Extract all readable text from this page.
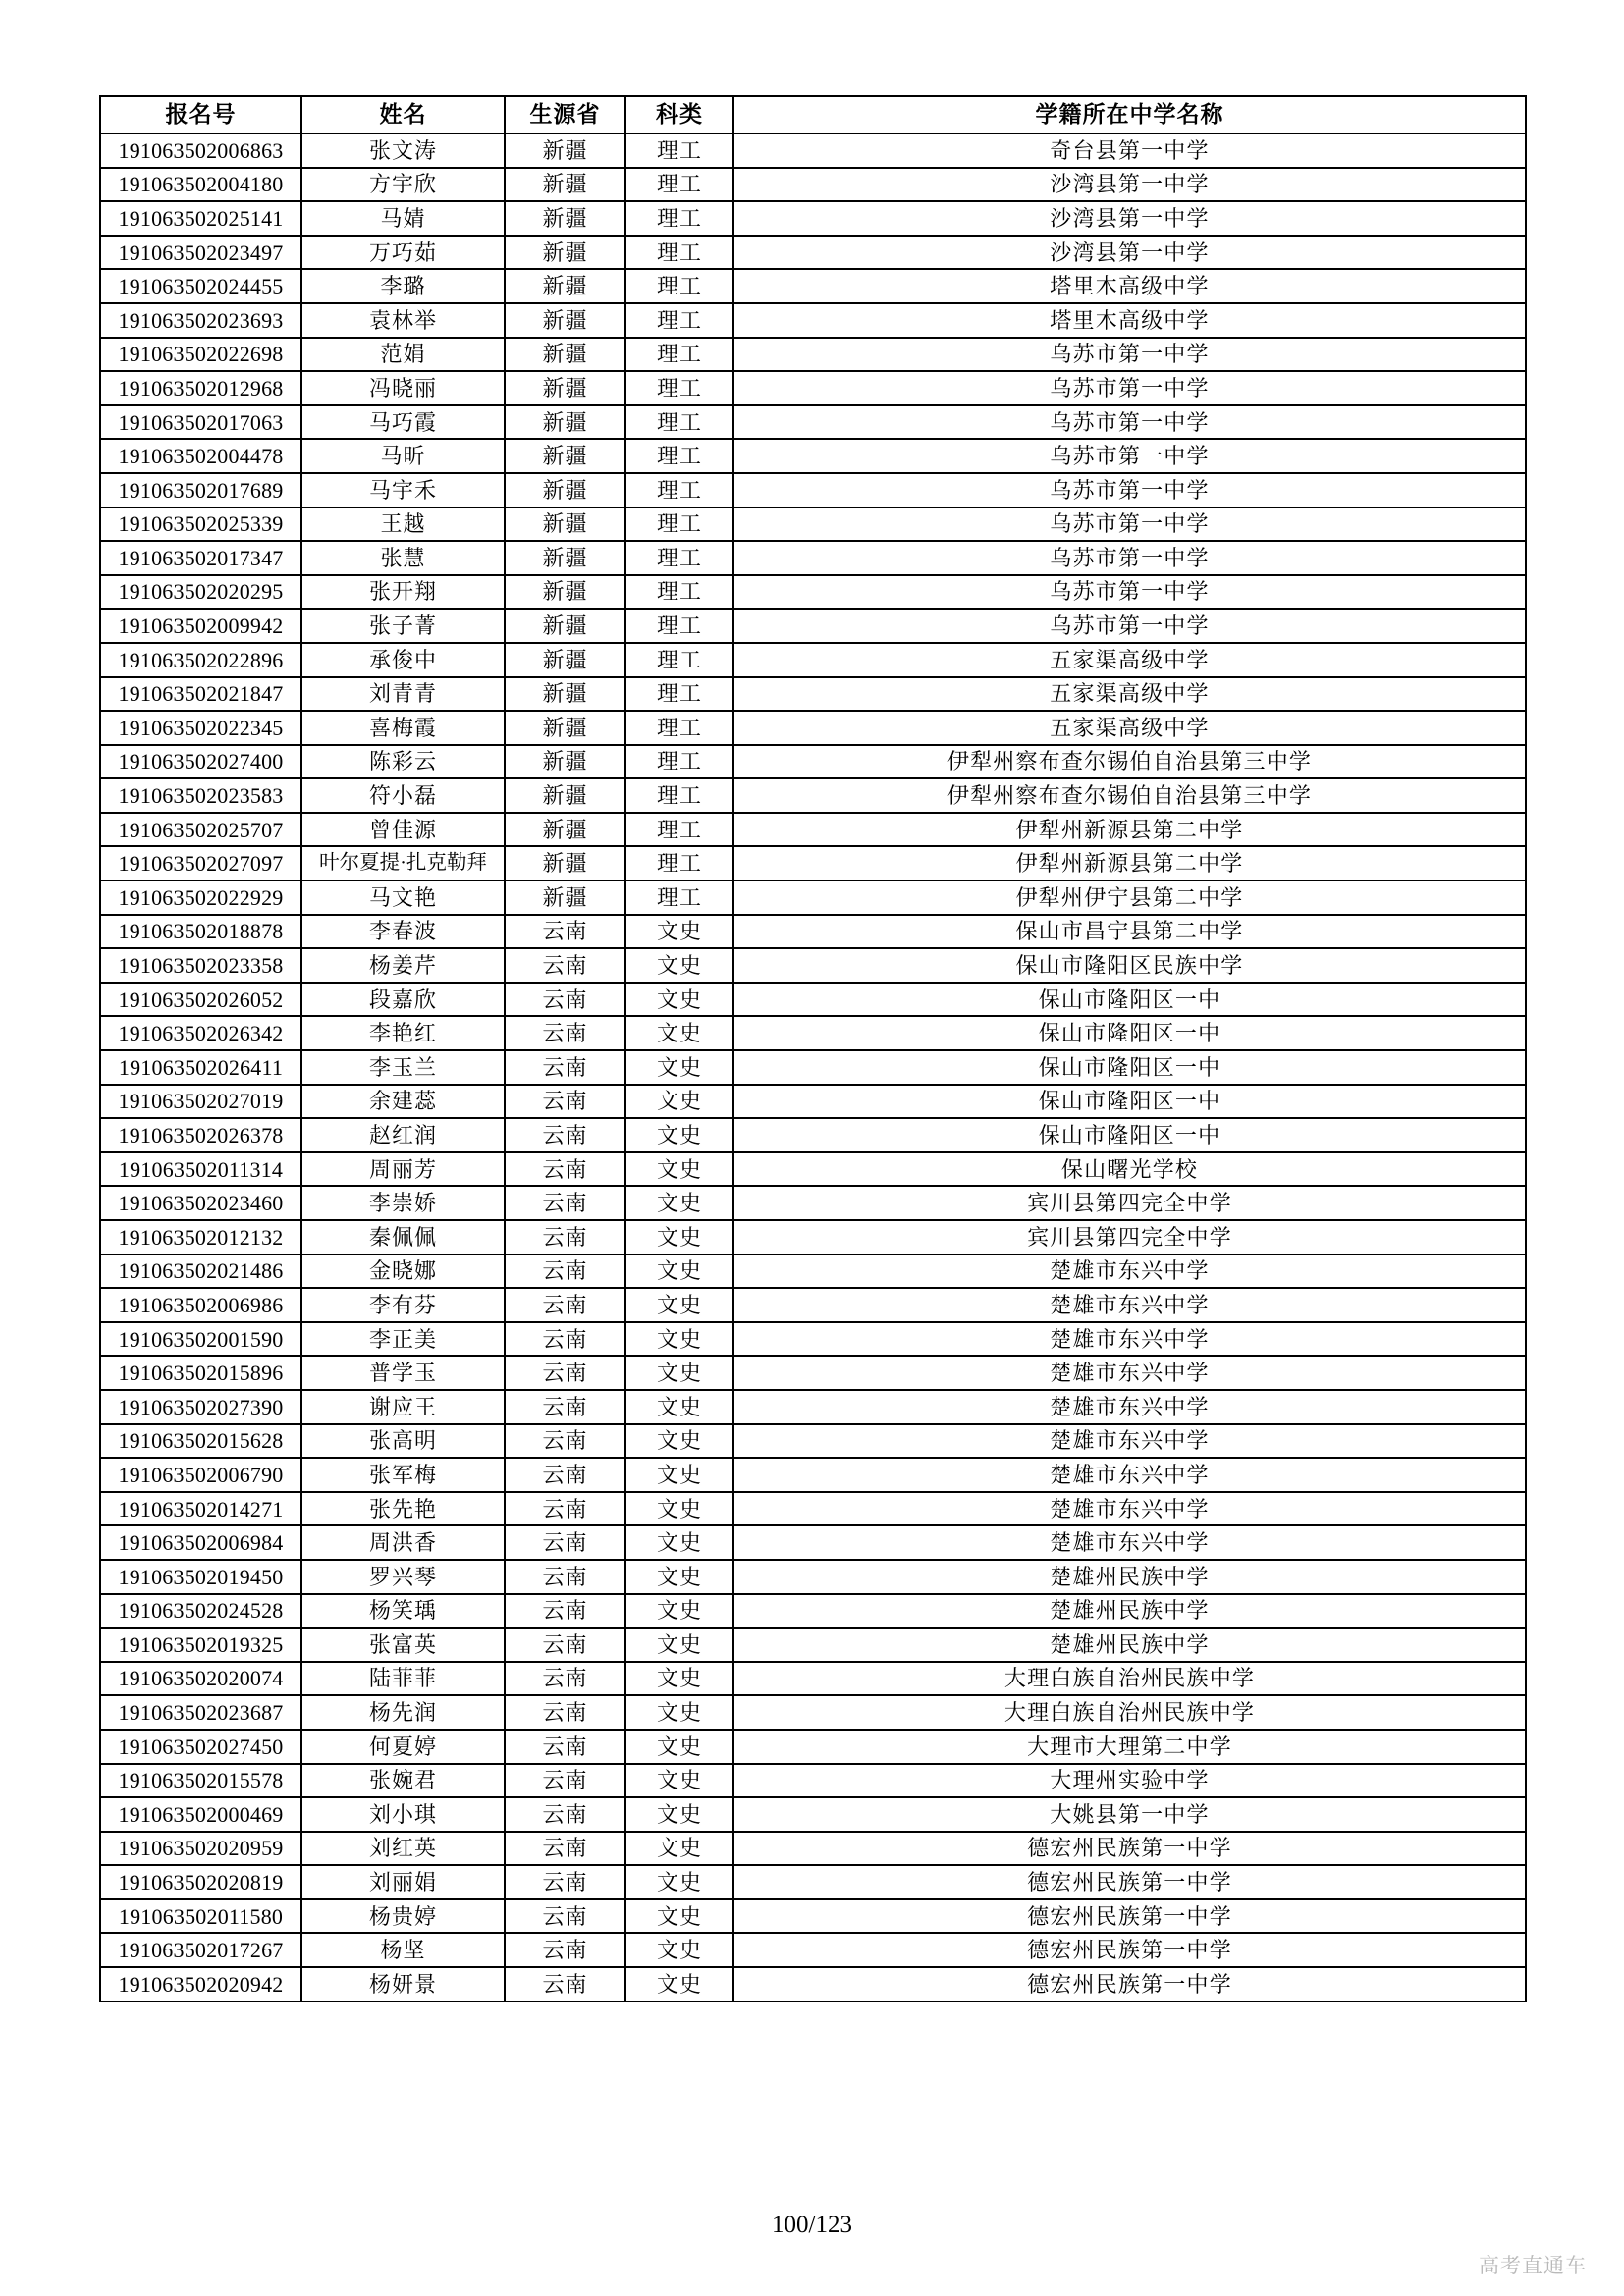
报名号	姓名	生源省	科类	学籍所在中学名称
191063502006863	张文涛	新疆	理工	奇台县第一中学
191063502004180	方宇欣	新疆	理工	沙湾县第一中学
191063502025141	马婧	新疆	理工	沙湾县第一中学
191063502023497	万巧茹	新疆	理工	沙湾县第一中学
191063502024455	李璐	新疆	理工	塔里木高级中学
191063502023693	袁林举	新疆	理工	塔里木高级中学
191063502022698	范娟	新疆	理工	乌苏市第一中学
191063502012968	冯晓丽	新疆	理工	乌苏市第一中学
191063502017063	马巧霞	新疆	理工	乌苏市第一中学
191063502004478	马昕	新疆	理工	乌苏市第一中学
191063502017689	马宇禾	新疆	理工	乌苏市第一中学
191063502025339	王越	新疆	理工	乌苏市第一中学
191063502017347	张慧	新疆	理工	乌苏市第一中学
191063502020295	张开翔	新疆	理工	乌苏市第一中学
191063502009942	张子菁	新疆	理工	乌苏市第一中学
191063502022896	承俊中	新疆	理工	五家渠高级中学
191063502021847	刘青青	新疆	理工	五家渠高级中学
191063502022345	喜梅霞	新疆	理工	五家渠高级中学
191063502027400	陈彩云	新疆	理工	伊犁州察布查尔锡伯自治县第三中学
191063502023583	符小磊	新疆	理工	伊犁州察布查尔锡伯自治县第三中学
191063502025707	曾佳源	新疆	理工	伊犁州新源县第二中学
191063502027097	叶尔夏提·扎克勒拜	新疆	理工	伊犁州新源县第二中学
191063502022929	马文艳	新疆	理工	伊犁州伊宁县第二中学
191063502018878	李春波	云南	文史	保山市昌宁县第二中学
191063502023358	杨姜芹	云南	文史	保山市隆阳区民族中学
191063502026052	段嘉欣	云南	文史	保山市隆阳区一中
191063502026342	李艳红	云南	文史	保山市隆阳区一中
191063502026411	李玉兰	云南	文史	保山市隆阳区一中
191063502027019	余建蕊	云南	文史	保山市隆阳区一中
191063502026378	赵红润	云南	文史	保山市隆阳区一中
191063502011314	周丽芳	云南	文史	保山曙光学校
191063502023460	李崇娇	云南	文史	宾川县第四完全中学
191063502012132	秦佩佩	云南	文史	宾川县第四完全中学
191063502021486	金晓娜	云南	文史	楚雄市东兴中学
191063502006986	李有芬	云南	文史	楚雄市东兴中学
191063502001590	李正美	云南	文史	楚雄市东兴中学
191063502015896	普学玉	云南	文史	楚雄市东兴中学
191063502027390	谢应王	云南	文史	楚雄市东兴中学
191063502015628	张高明	云南	文史	楚雄市东兴中学
191063502006790	张军梅	云南	文史	楚雄市东兴中学
191063502014271	张先艳	云南	文史	楚雄市东兴中学
191063502006984	周洪香	云南	文史	楚雄市东兴中学
191063502019450	罗兴琴	云南	文史	楚雄州民族中学
191063502024528	杨笑瑀	云南	文史	楚雄州民族中学
191063502019325	张富英	云南	文史	楚雄州民族中学
191063502020074	陆菲菲	云南	文史	大理白族自治州民族中学
191063502023687	杨先润	云南	文史	大理白族自治州民族中学
191063502027450	何夏婷	云南	文史	大理市大理第二中学
191063502015578	张婉君	云南	文史	大理州实验中学
191063502000469	刘小琪	云南	文史	大姚县第一中学
191063502020959	刘红英	云南	文史	德宏州民族第一中学
191063502020819	刘丽娟	云南	文史	德宏州民族第一中学
191063502011580	杨贵婷	云南	文史	德宏州民族第一中学
191063502017267	杨坚	云南	文史	德宏州民族第一中学
191063502020942	杨妍景	云南	文史	德宏州民族第一中学
100/123
高考直通车
